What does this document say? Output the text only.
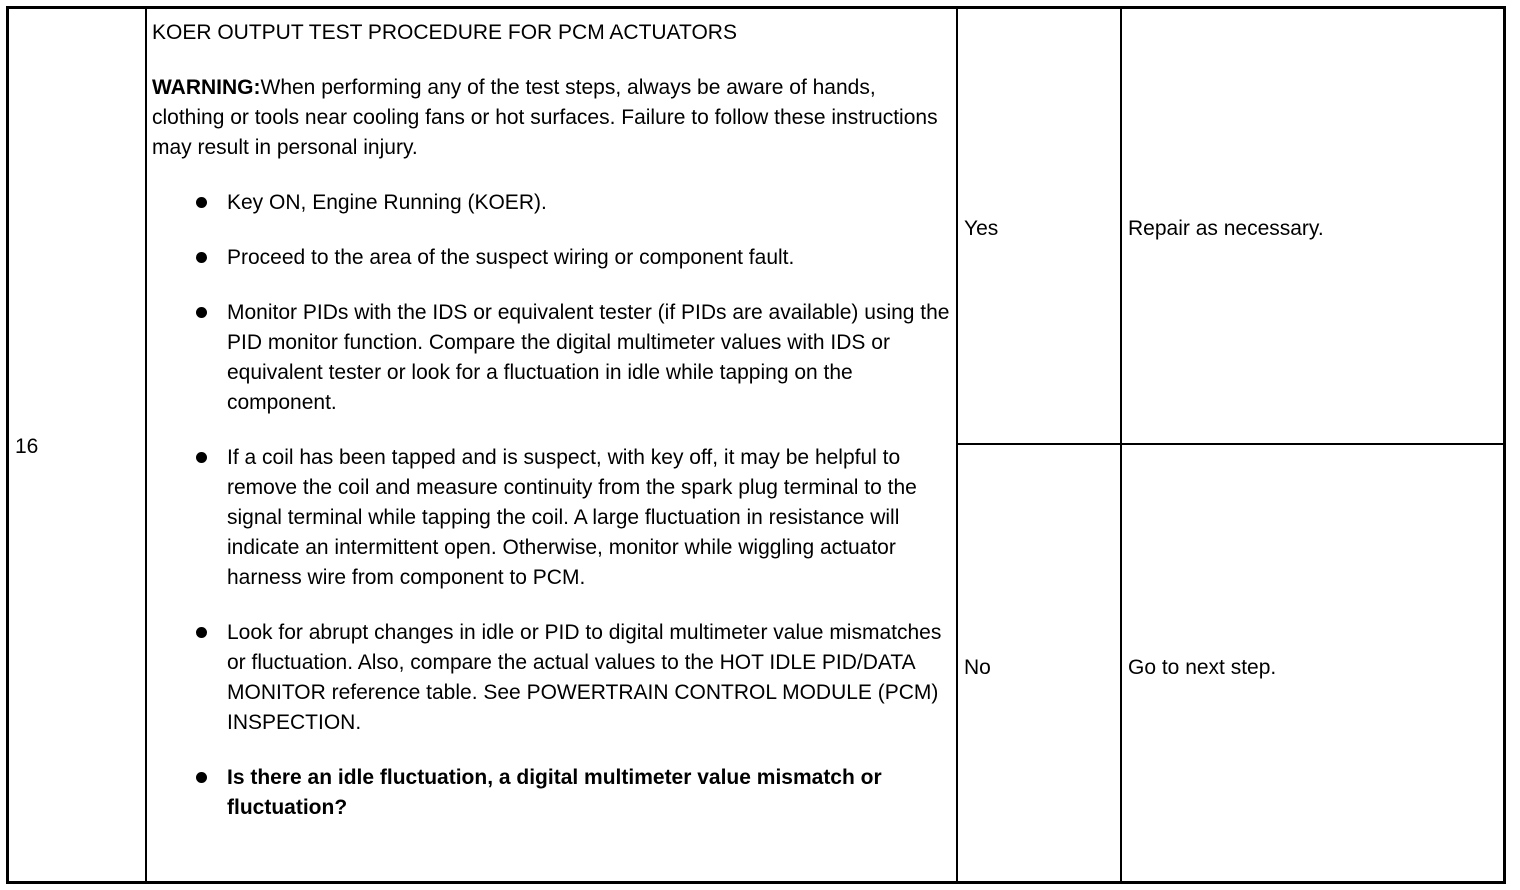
16

KOER OUTPUT TEST PROCEDURE FOR PCM ACTUATORS

WARNING:When performing any of the test steps, always be aware of hands, clothing or tools near cooling fans or hot surfaces. Failure to follow these instructions may result in personal injury.

Key ON, Engine Running (KOER).
Proceed to the area of the suspect wiring or component fault.
Monitor PIDs with the IDS or equivalent tester (if PIDs are available) using the PID monitor function. Compare the digital multimeter values with IDS or equivalent tester or look for a fluctuation in idle while tapping on the component.
If a coil has been tapped and is suspect, with key off, it may be helpful to remove the coil and measure continuity from the spark plug terminal to the signal terminal while tapping the coil. A large fluctuation in resistance will indicate an intermittent open. Otherwise, monitor while wiggling actuator harness wire from component to PCM.
Look for abrupt changes in idle or PID to digital multimeter value mismatches or fluctuation. Also, compare the actual values to the HOT IDLE PID/DATA MONITOR reference table. See POWERTRAIN CONTROL MODULE (PCM) INSPECTION.
Is there an idle fluctuation, a digital multimeter value mismatch or fluctuation?
Yes	Repair as necessary.
No	Go to next step.
